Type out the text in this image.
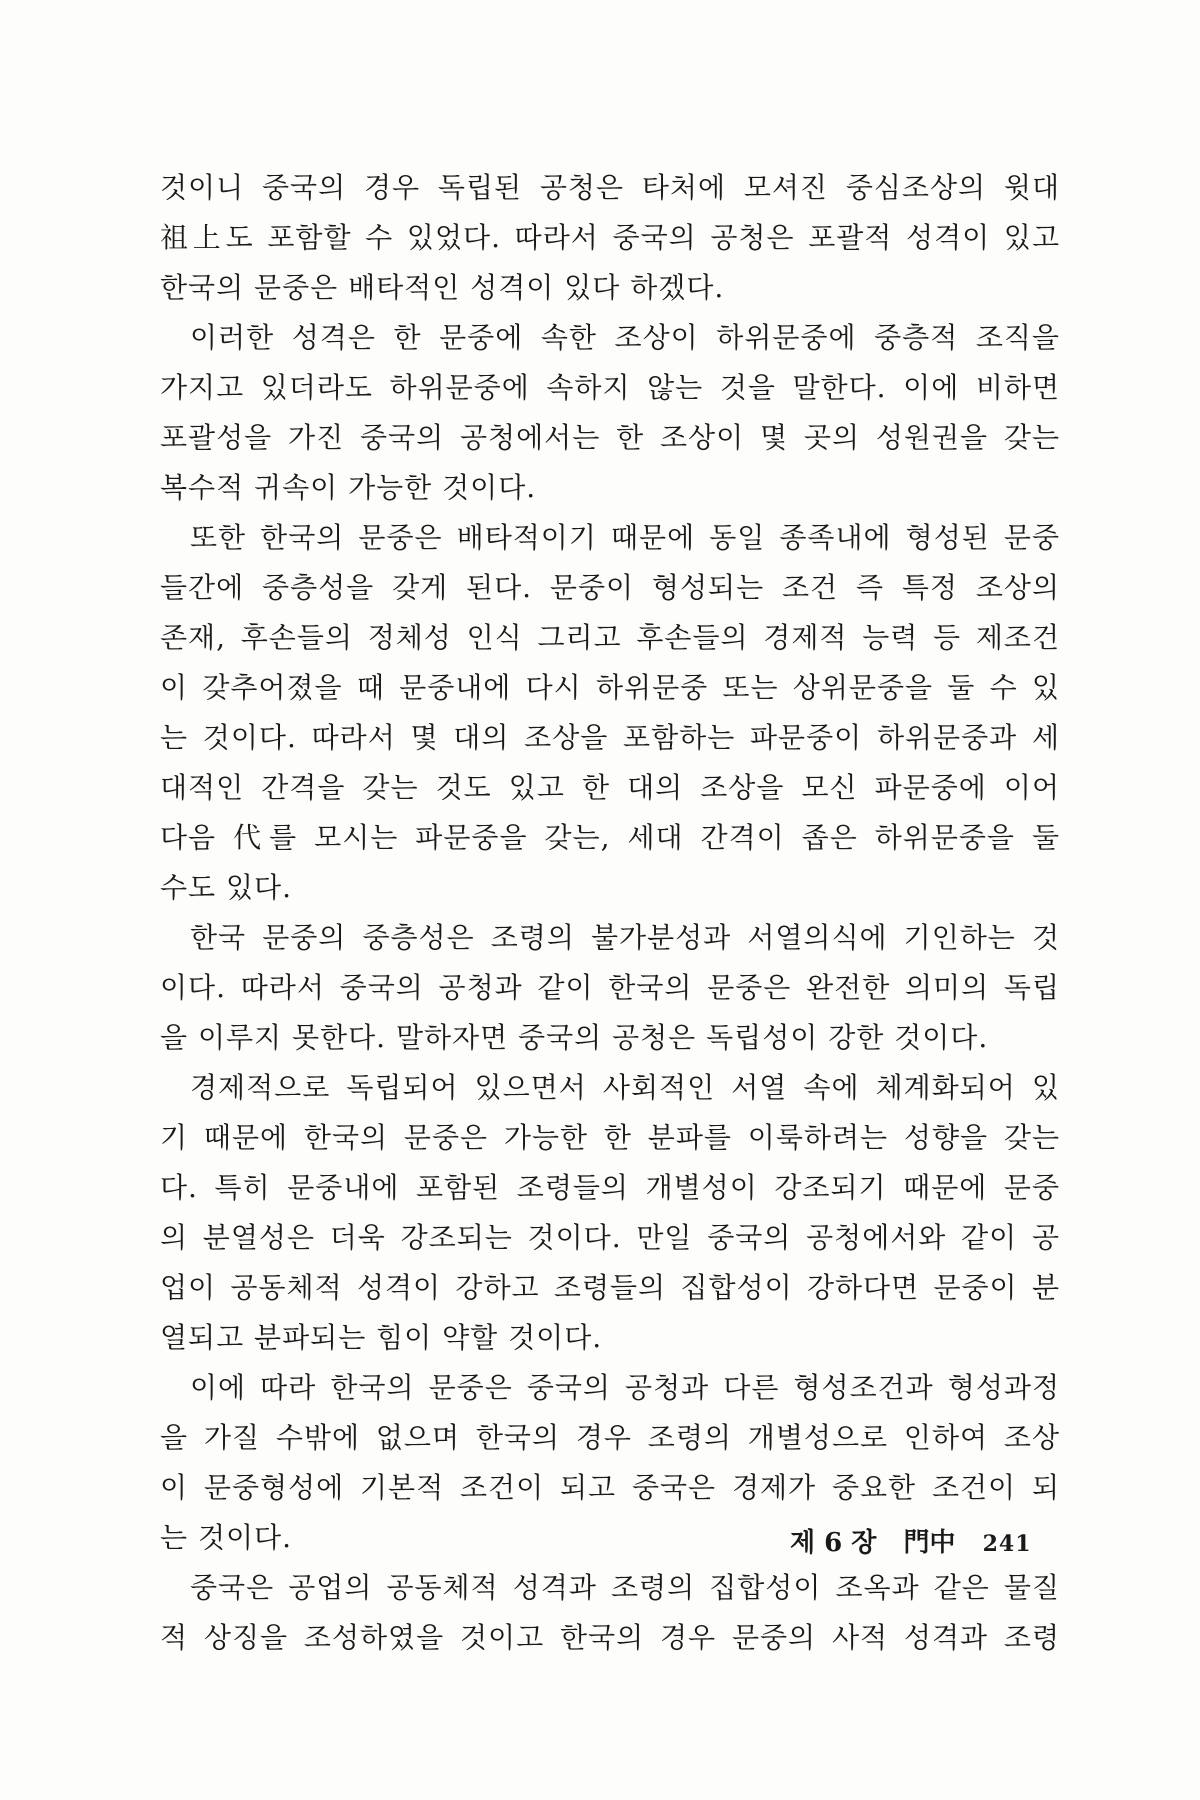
것이니 중국의 경우 독립된 공청은 타처에 모셔진 중심조상의 윗대
祖上도 포함할 수 있었다. 따라서 중국의 공청은 포괄적 성격이 있고
한국의 문중은 배타적인 성격이 있다 하겠다.
이러한 성격은 한 문중에 속한 조상이 하위문중에 중층적 조직을
가지고 있더라도 하위문중에 속하지 않는 것을 말한다. 이에 비하면
포괄성을 가진 중국의 공청에서는 한 조상이 몇 곳의 성원권을 갖는
복수적 귀속이 가능한 것이다.
또한 한국의 문중은 배타적이기 때문에 동일 종족내에 형성된 문중
들간에 중층성을 갖게 된다. 문중이 형성되는 조건 즉 특정 조상의
존재, 후손들의 정체성 인식 그리고 후손들의 경제적 능력 등 제조건
이 갖추어졌을 때 문중내에 다시 하위문중 또는 상위문중을 둘 수 있
는 것이다. 따라서 몇 대의 조상을 포함하는 파문중이 하위문중과 세
대적인 간격을 갖는 것도 있고 한 대의 조상을 모신 파문중에 이어
다음 代를 모시는 파문중을 갖는, 세대 간격이 좁은 하위문중을 둘
수도 있다.
한국 문중의 중층성은 조령의 불가분성과 서열의식에 기인하는 것
이다. 따라서 중국의 공청과 같이 한국의 문중은 완전한 의미의 독립
을 이루지 못한다. 말하자면 중국의 공청은 독립성이 강한 것이다.
경제적으로 독립되어 있으면서 사회적인 서열 속에 체계화되어 있
기 때문에 한국의 문중은 가능한 한 분파를 이룩하려는 성향을 갖는
다. 특히 문중내에 포함된 조령들의 개별성이 강조되기 때문에 문중
의 분열성은 더욱 강조되는 것이다. 만일 중국의 공청에서와 같이 공
업이 공동체적 성격이 강하고 조령들의 집합성이 강하다면 문중이 분
열되고 분파되는 힘이 약할 것이다.
이에 따라 한국의 문중은 중국의 공청과 다른 형성조건과 형성과정
을 가질 수밖에 없으며 한국의 경우 조령의 개별성으로 인하여 조상
이 문중형성에 기본적 조건이 되고 중국은 경제가 중요한 조건이 되
는 것이다.
중국은 공업의 공동체적 성격과 조령의 집합성이 조옥과 같은 물질
적 상징을 조성하였을 것이고 한국의 경우 문중의 사적 성격과 조령
제 6 장 門中 241
